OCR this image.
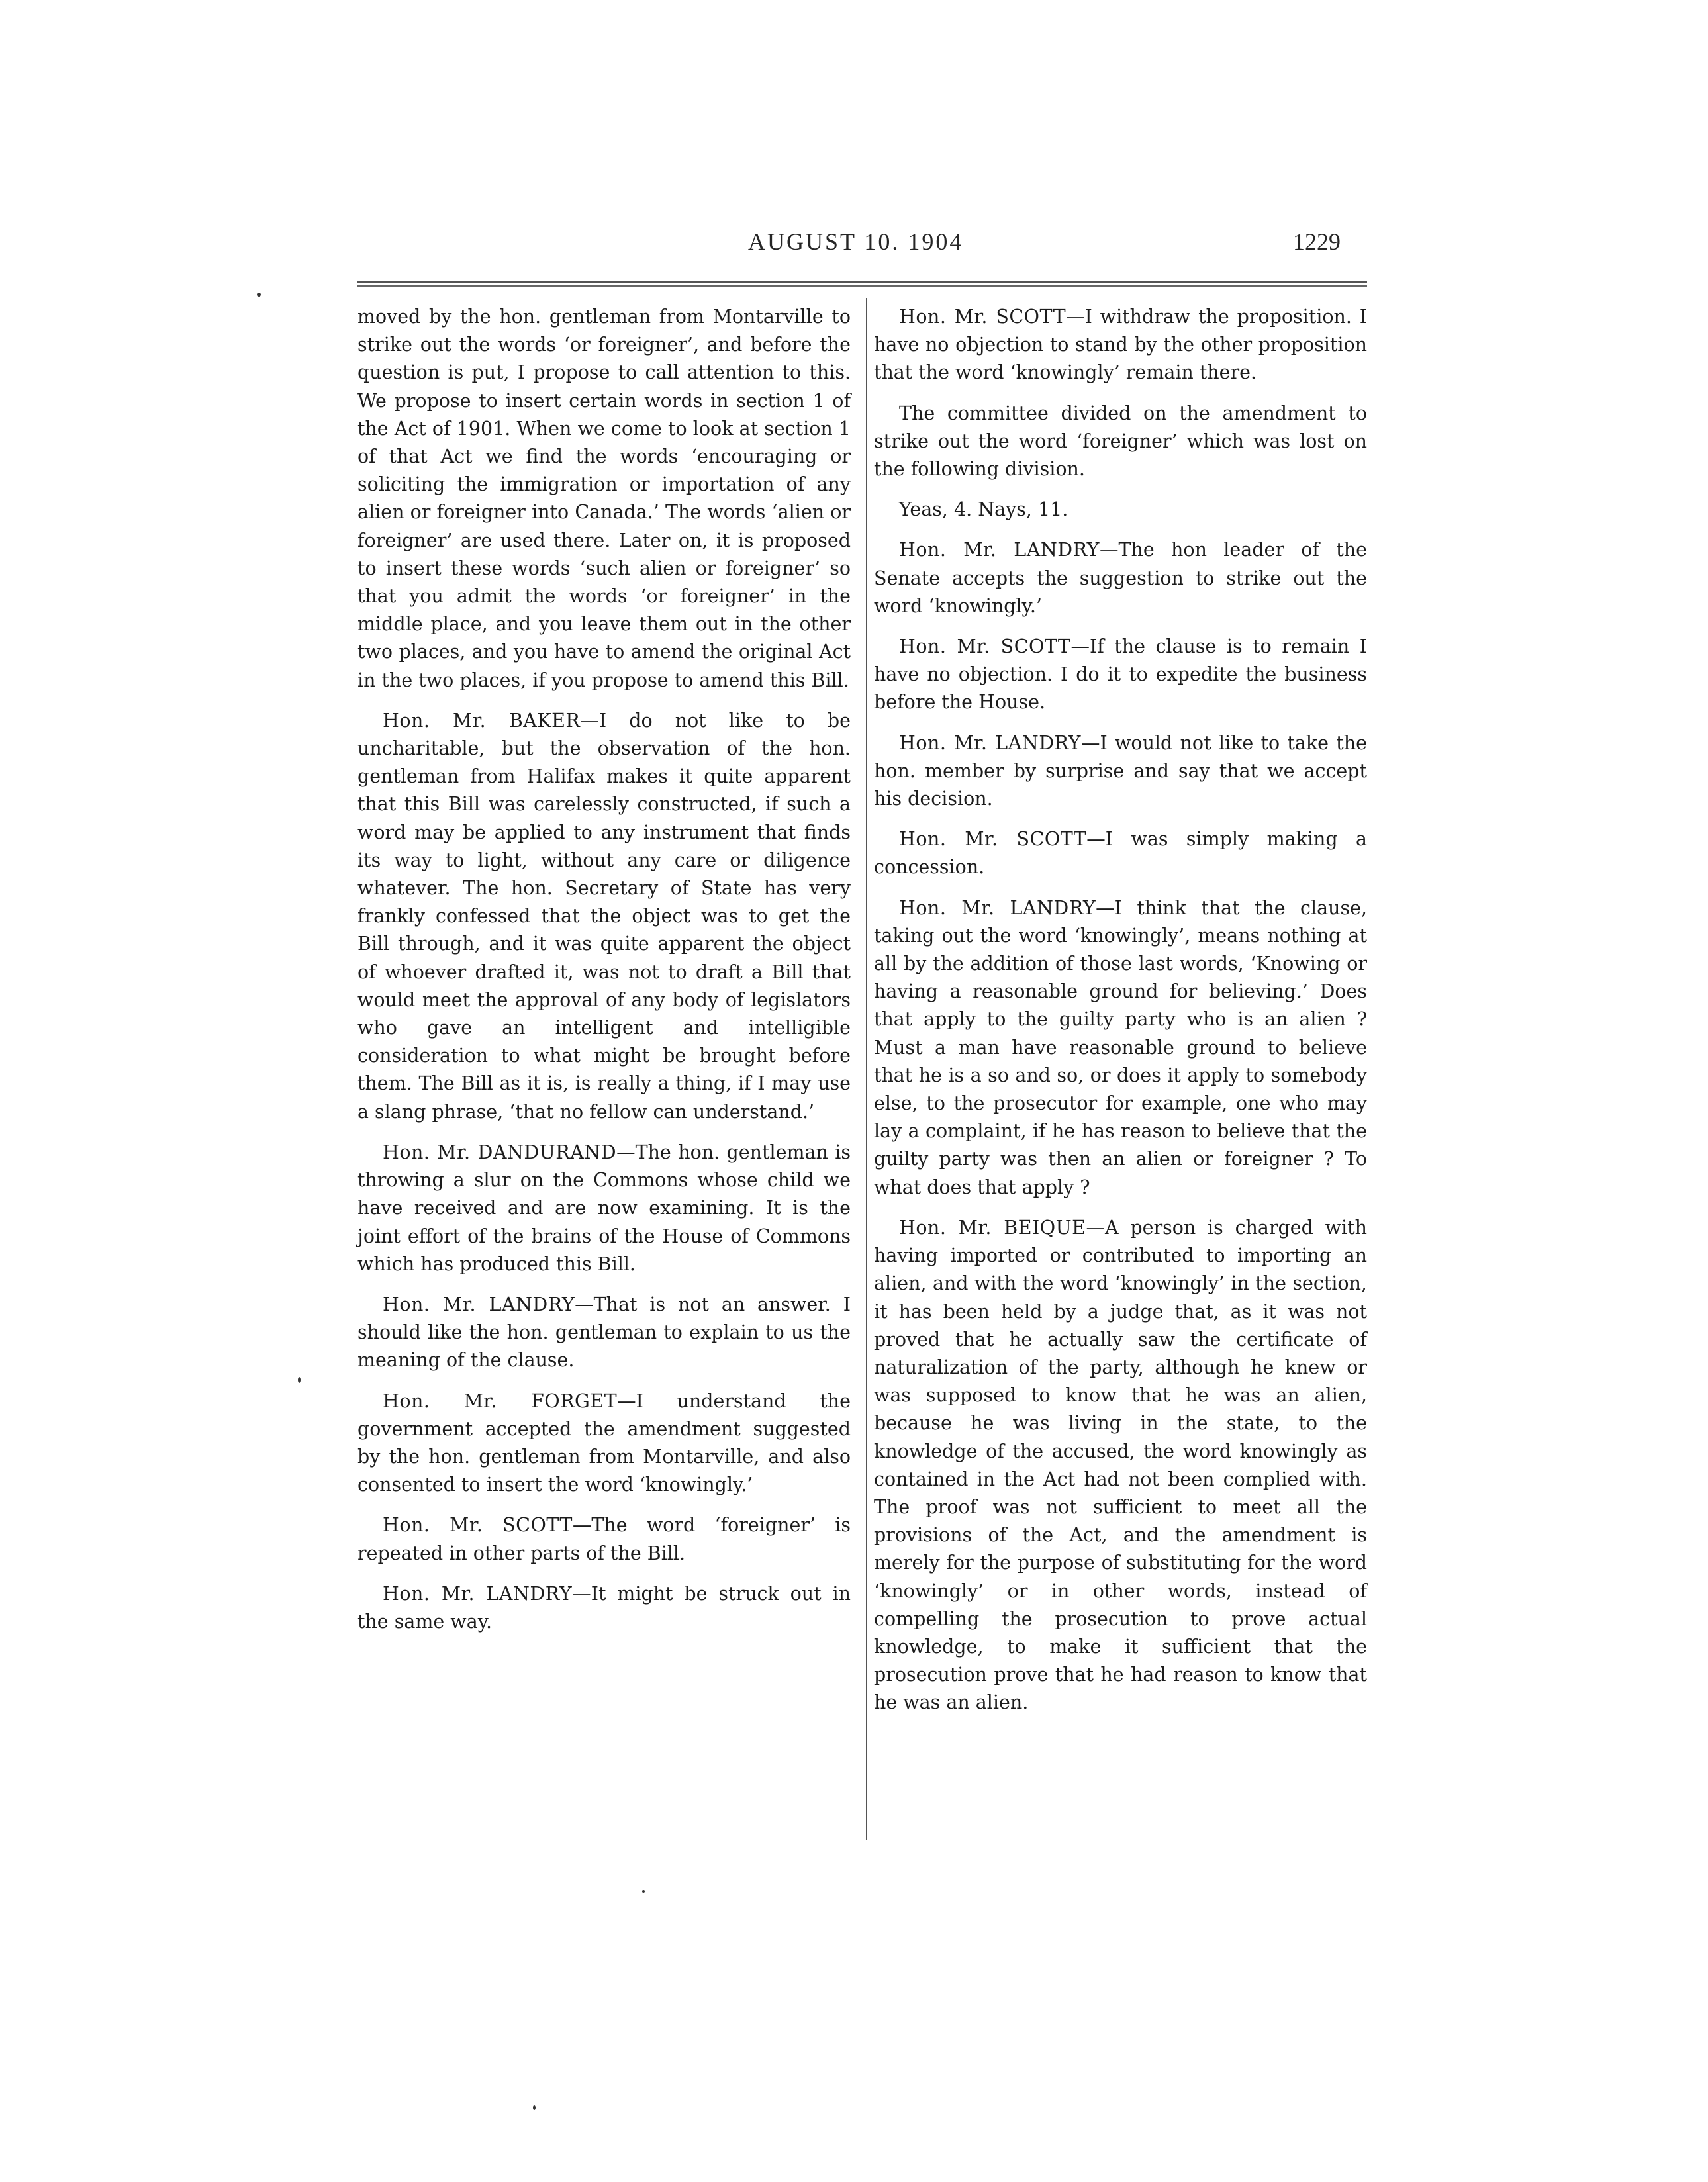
AUGUST 10. 1904	1229

moved by the hon. gentleman from Montarville to strike out the words ‘or foreigner’, and before the question is put, I propose to call attention to this. We propose to insert certain words in section 1 of the Act of 1901. When we come to look at section 1 of that Act we find the words ‘encouraging or soliciting the immigration or importation of any alien or foreigner into Canada.’ The words ‘alien or foreigner’ are used there. Later on, it is proposed to insert these words ‘such alien or foreigner’ so that you admit the words ‘or foreigner’ in the middle place, and you leave them out in the other two places, and you have to amend the original Act in the two places, if you propose to amend this Bill.

Hon. Mr. BAKER—I do not like to be uncharitable, but the observation of the hon. gentleman from Halifax makes it quite apparent that this Bill was carelessly constructed, if such a word may be applied to any instrument that finds its way to light, without any care or diligence whatever. The hon. Secretary of State has very frankly confessed that the object was to get the Bill through, and it was quite apparent the object of whoever drafted it, was not to draft a Bill that would meet the approval of any body of legislators who gave an intelligent and intelligible consideration to what might be brought before them. The Bill as it is, is really a thing, if I may use a slang phrase, ‘that no fellow can understand.’

Hon. Mr. DANDURAND—The hon. gentleman is throwing a slur on the Commons whose child we have received and are now examining. It is the joint effort of the brains of the House of Commons which has produced this Bill.

Hon. Mr. LANDRY—That is not an answer. I should like the hon. gentleman to explain to us the meaning of the clause.

Hon. Mr. FORGET—I understand the government accepted the amendment suggested by the hon. gentleman from Montarville, and also consented to insert the word ‘knowingly.’

Hon. Mr. SCOTT—The word ‘foreigner’ is repeated in other parts of the Bill.

Hon. Mr. LANDRY—It might be struck out in the same way.

Hon. Mr. SCOTT—I withdraw the proposition. I have no objection to stand by the other proposition that the word ‘knowingly’ remain there.

The committee divided on the amendment to strike out the word ‘foreigner’ which was lost on the following division.

Yeas, 4. Nays, 11.

Hon. Mr. LANDRY—The hon leader of the Senate accepts the suggestion to strike out the word ‘knowingly.’

Hon. Mr. SCOTT—If the clause is to remain I have no objection. I do it to expedite the business before the House.

Hon. Mr. LANDRY—I would not like to take the hon. member by surprise and say that we accept his decision.

Hon. Mr. SCOTT—I was simply making a concession.

Hon. Mr. LANDRY—I think that the clause, taking out the word ‘knowingly’, means nothing at all by the addition of those last words, ‘Knowing or having a reasonable ground for believing.’ Does that apply to the guilty party who is an alien ? Must a man have reasonable ground to believe that he is a so and so, or does it apply to somebody else, to the prosecutor for example, one who may lay a complaint, if he has reason to believe that the guilty party was then an alien or foreigner ? To what does that apply ?

Hon. Mr. BEIQUE—A person is charged with having imported or contributed to importing an alien, and with the word ‘knowingly’ in the section, it has been held by a judge that, as it was not proved that he actually saw the certificate of naturalization of the party, although he knew or was supposed to know that he was an alien, because he was living in the state, to the knowledge of the accused, the word knowingly as contained in the Act had not been complied with. The proof was not sufficient to meet all the provisions of the Act, and the amendment is merely for the purpose of substituting for the word ‘knowingly’ or in other words, instead of compelling the prosecution to prove actual knowledge, to make it sufficient that the prosecution prove that he had reason to know that he was an alien.
